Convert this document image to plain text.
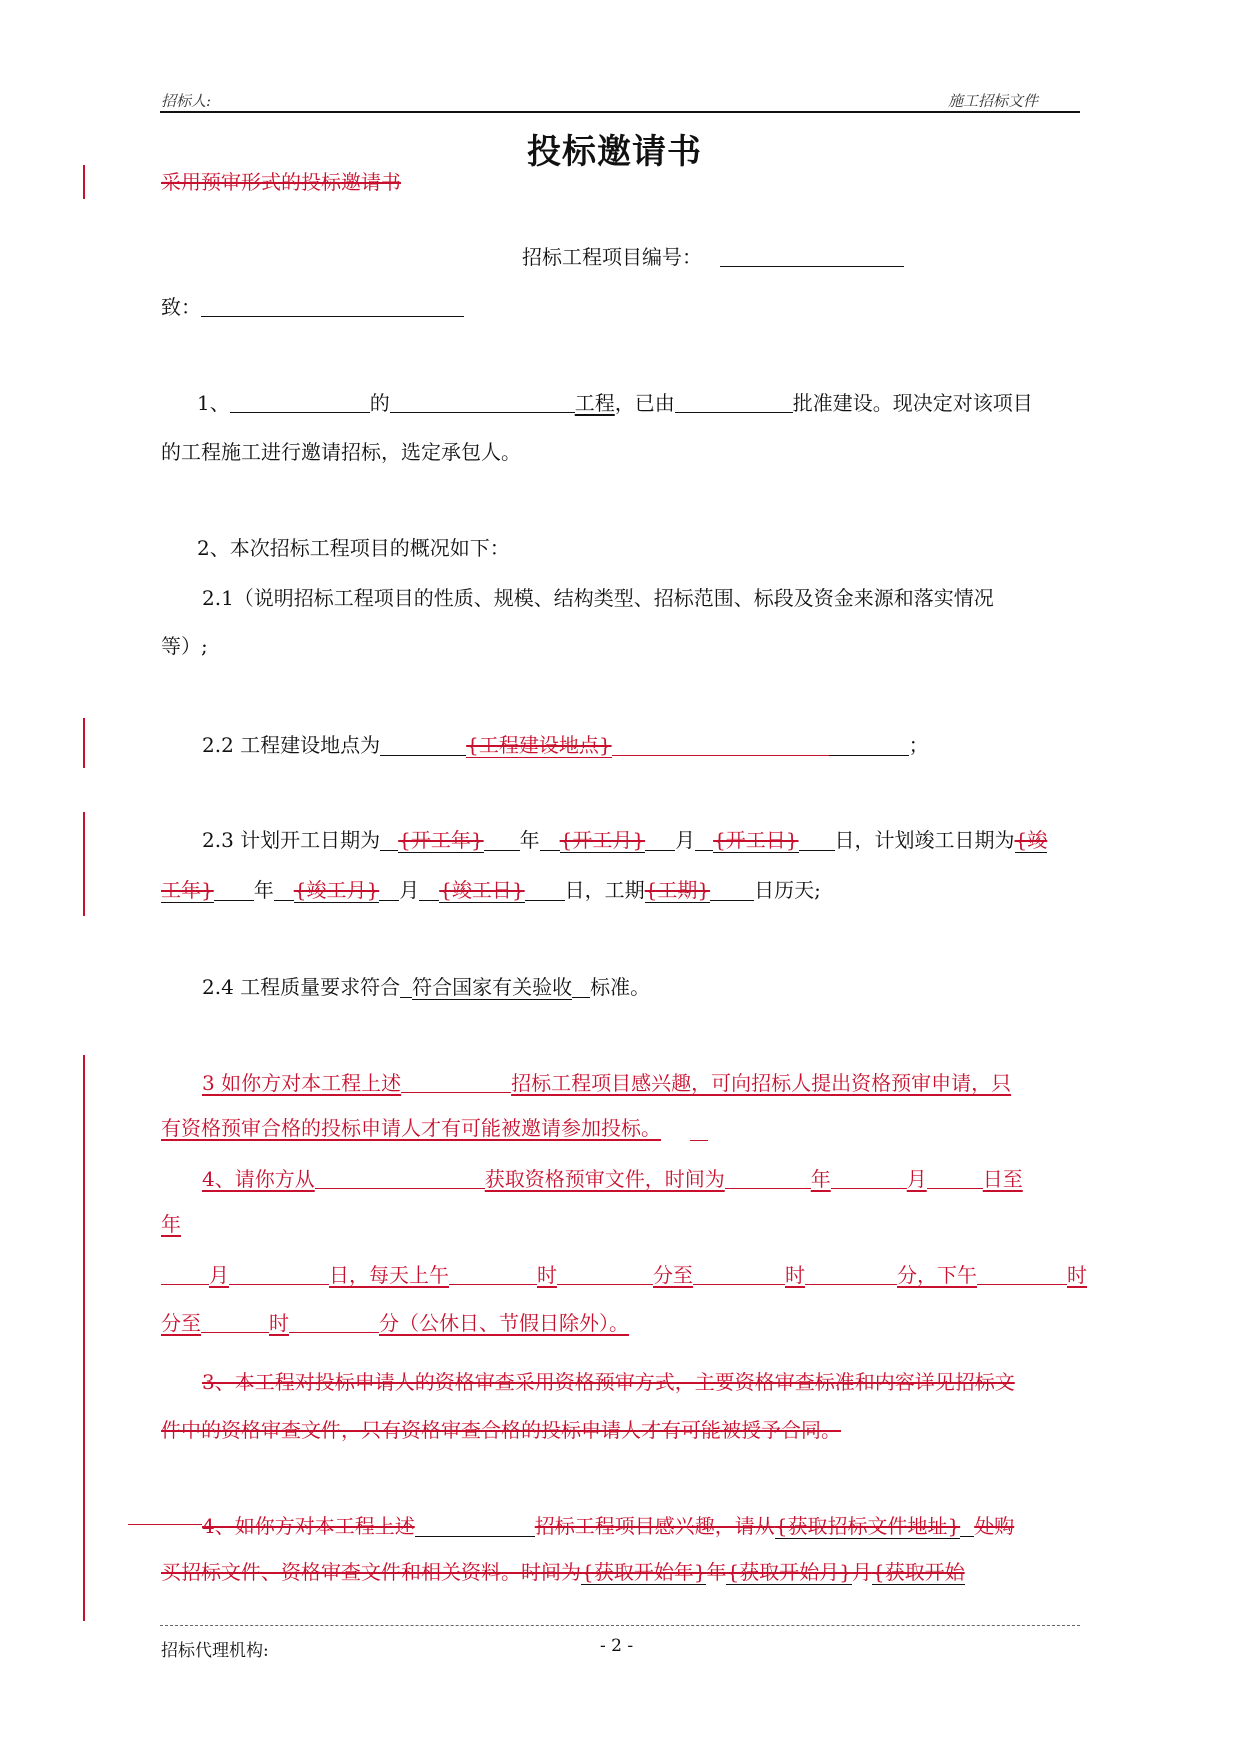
招标人:	施工招标文件
投标邀请书
采用预审形式的投标邀请书
招标工程项目编号：
致：
1、	的	工程，已由	批准建设。现决定对该项目
的工程施工进行邀请招标，选定承包人。
2、本次招标工程项目的概况如下：
2.1（说明招标工程项目的性质、规模、结构类型、招标范围、标段及资金来源和落实情况
等）;
2.2 工程建设地点为	{工程建设地点}	；
2.3 计划开工日期为 {开工年} 年 {开工月} 月 {开工日} 日，计划竣工日期为{竣
工年} 年 {竣工月} 月 {竣工日} 日，工期{工期} 日历天;
2.4 工程质量要求符合 符合国家有关验收 标准。
3 如你方对本工程上述	招标工程项目感兴趣，可向招标人提出资格预审申请，只
有资格预审合格的投标申请人才有可能被邀请参加投标。
4、请你方从	获取资格预审文件，时间为	年	月	日至
年
月	日，每天上午	时	分至	时	分，下午	时
分至	时	分（公休日、节假日除外）。
3、本工程对投标申请人的资格审查采用资格预审方式，主要资格审查标准和内容详见招标文
件中的资格审查文件，只有资格审查合格的投标申请人才有可能被授予合同。
4、如你方对本工程上述	招标工程项目感兴趣，请从{获取招标文件地址} 处购
买招标文件、资格审查文件和相关资料。时间为{获取开始年}年{获取开始月}月{获取开始
招标代理机构:	- 2 -
